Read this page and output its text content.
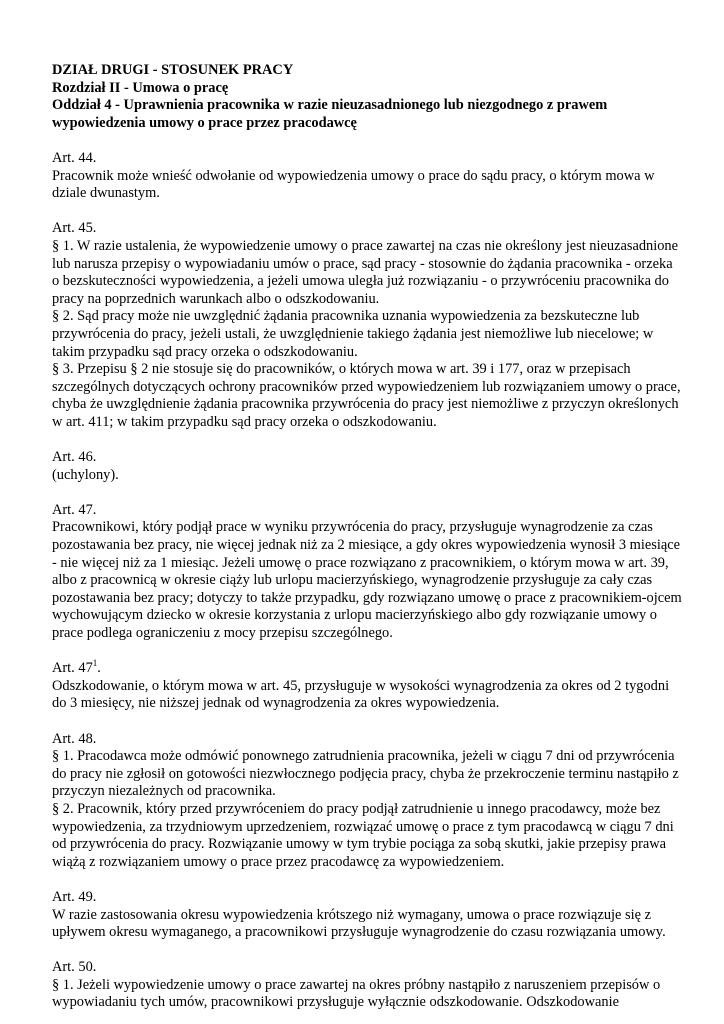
DZIAŁ DRUGI - STOSUNEK PRACY

Rozdział II - Umowa o pracę

Oddział 4 - Uprawnienia pracownika w razie nieuzasadnionego lub niezgodnego z prawem wypowiedzenia umowy o prace przez pracodawcę

Art. 44.

Pracownik może wnieść odwołanie od wypowiedzenia umowy o prace do sądu pracy, o którym mowa w dziale dwunastym.

Art. 45.

§ 1. W razie ustalenia, że wypowiedzenie umowy o prace zawartej na czas nie określony jest nieuzasadnione lub narusza przepisy o wypowiadaniu umów o prace, sąd pracy - stosownie do żądania pracownika - orzeka o bezskuteczności wypowiedzenia, a jeżeli umowa uległa już rozwiązaniu - o przywróceniu pracownika do pracy na poprzednich warunkach albo o odszkodowaniu.

§ 2. Sąd pracy może nie uwzględnić żądania pracownika uznania wypowiedzenia za bezskuteczne lub przywrócenia do pracy, jeżeli ustali, że uwzględnienie takiego żądania jest niemożliwe lub niecelowe; w takim przypadku sąd pracy orzeka o odszkodowaniu.

§ 3. Przepisu § 2 nie stosuje się do pracowników, o których mowa w art. 39 i 177, oraz w przepisach szczególnych dotyczących ochrony pracowników przed wypowiedzeniem lub rozwiązaniem umowy o prace, chyba że uwzględnienie żądania pracownika przywrócenia do pracy jest niemożliwe z przyczyn określonych w art. 411; w takim przypadku sąd pracy orzeka o odszkodowaniu.

Art. 46.

(uchylony).

Art. 47.

Pracownikowi, który podjął prace w wyniku przywrócenia do pracy, przysługuje wynagrodzenie za czas pozostawania bez pracy, nie więcej jednak niż za 2 miesiące, a gdy okres wypowiedzenia wynosił 3 miesiące - nie więcej niż za 1 miesiąc. Jeżeli umowę o prace rozwiązano z pracownikiem, o którym mowa w art. 39, albo z pracownicą w okresie ciąży lub urlopu macierzyńskiego, wynagrodzenie przysługuje za cały czas pozostawania bez pracy; dotyczy to także przypadku, gdy rozwiązano umowę o prace z pracownikiem-ojcem wychowującym dziecko w okresie korzystania z urlopu macierzyńskiego albo gdy rozwiązanie umowy o prace podlega ograniczeniu z mocy przepisu szczególnego.

Art. $47^1$.

Odszkodowanie, o którym mowa w art. 45, przysługuje w wysokości wynagrodzenia za okres od 2 tygodni do 3 miesięcy, nie niższej jednak od wynagrodzenia za okres wypowiedzenia.

Art. 48.

§ 1. Pracodawca może odmówić ponownego zatrudnienia pracownika, jeżeli w ciągu 7 dni od przywrócenia do pracy nie zgłosił on gotowości niezwłocznego podjęcia pracy, chyba że przekroczenie terminu nastąpiło z przyczyn niezależnych od pracownika.

§ 2. Pracownik, który przed przywróceniem do pracy podjął zatrudnienie u innego pracodawcy, może bez wypowiedzenia, za trzydniowym uprzedzeniem, rozwiązać umowę o prace z tym pracodawcą w ciągu 7 dni od przywrócenia do pracy. Rozwiązanie umowy w tym trybie pociąga za sobą skutki, jakie przepisy prawa wiążą z rozwiązaniem umowy o prace przez pracodawcę za wypowiedzeniem.

Art. 49.

W razie zastosowania okresu wypowiedzenia krótszego niż wymagany, umowa o prace rozwiązuje się z upływem okresu wymaganego, a pracownikowi przysługuje wynagrodzenie do czasu rozwiązania umowy.

Art. 50.

§ 1. Jeżeli wypowiedzenie umowy o prace zawartej na okres próbny nastąpiło z naruszeniem przepisów o wypowiadaniu tych umów, pracownikowi przysługuje wyłącznie odszkodowanie. Odszkodowanie
